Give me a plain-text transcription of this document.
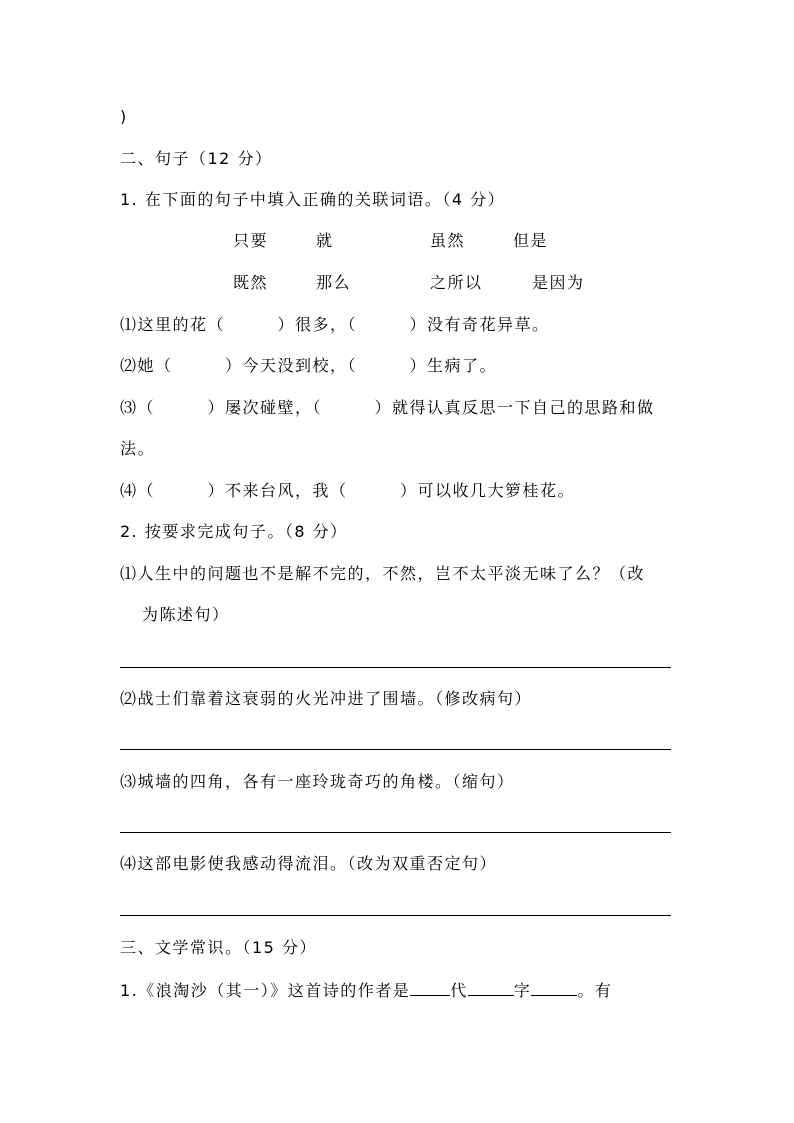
)
二、句子（12 分）
1. 在下面的句子中填入正确的关联词语。（4 分）
只要	就	虽然	但是
既然	那么	之所以	是因为
⑴这里的花（　　　）很多，（　　　）没有奇花异草。
⑵她（　　　）今天没到校，（　　　）生病了。
⑶（　　　）屡次碰壁，（　　　）就得认真反思一下自己的思路和做
法。
⑷（　　　）不来台风，我（　　　）可以收几大箩桂花。
2. 按要求完成句子。（8 分）
⑴人生中的问题也不是解不完的，不然，岂不太平淡无味了么？（改
为陈述句）
⑵战士们靠着这衰弱的火光冲进了围墙。（修改病句）
⑶城墙的四角，各有一座玲珑奇巧的角楼。（缩句）
⑷这部电影使我感动得流泪。（改为双重否定句）
三、文学常识。（15 分）
1.《浪淘沙（其一）》这首诗的作者是	代	字	。有
